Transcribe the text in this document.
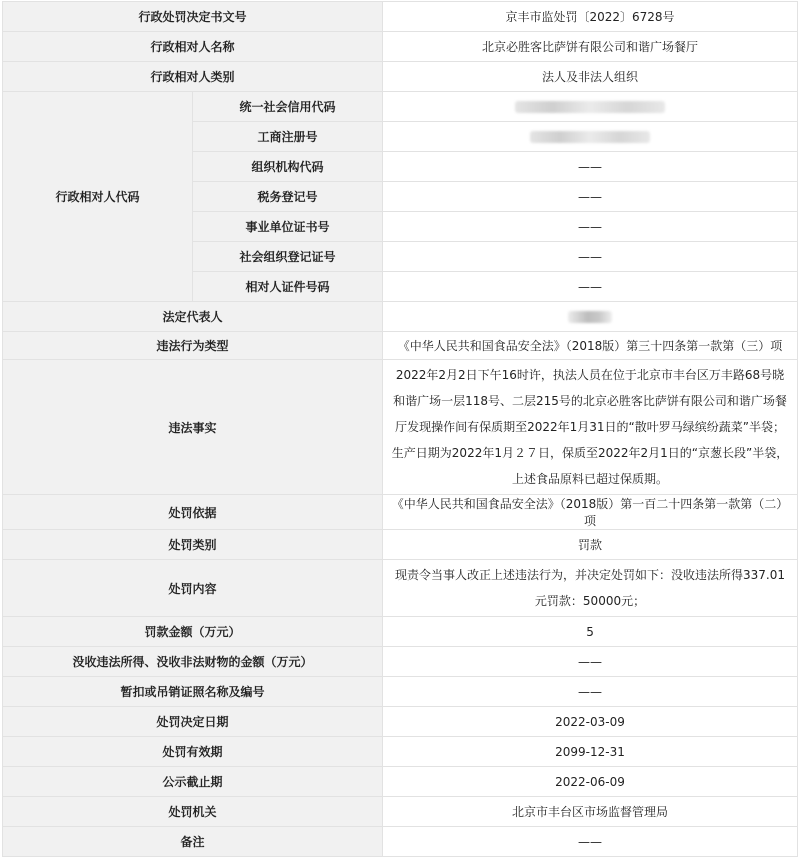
行政处罚决定书文号		京丰市监处罚〔2022〕6728号
行政相对人名称		北京必胜客比萨饼有限公司和谐广场餐厅
行政相对人类别		法人及非法人组织
行政相对人代码	统一社会信用代码	
	工商注册号	
	组织机构代码	——
	税务登记号	——
	事业单位证书号	——
	社会组织登记证号	——
	相对人证件号码	——
法定代表人		
违法行为类型		《中华人民共和国食品安全法》（2018版）第三十四条第一款第（三）项
违法事实		2022年2月2日下午16时许，执法人员在位于北京市丰台区万丰路68号晓和谐广场一层118号、二层215号的北京必胜客比萨饼有限公司和谐广场餐厅发现操作间有保质期至2022年1月31日的“散叶罗马绿缤纷蔬菜”半袋；生产日期为2022年1月２７日，保质至2022年2月1日的“京葱长段”半袋，上述食品原料已超过保质期。
处罚依据		《中华人民共和国食品安全法》（2018版）第一百二十四条第一款第（二）项
处罚类别		罚款
处罚内容		现责令当事人改正上述违法行为，并决定处罚如下：没收违法所得337.01元罚款：50000元；
罚款金额（万元）		5
没收违法所得、没收非法财物的金额（万元）		——
暂扣或吊销证照名称及编号		——
处罚决定日期		2022-03-09
处罚有效期		2099-12-31
公示截止期		2022-06-09
处罚机关		北京市丰台区市场监督管理局
备注		——
